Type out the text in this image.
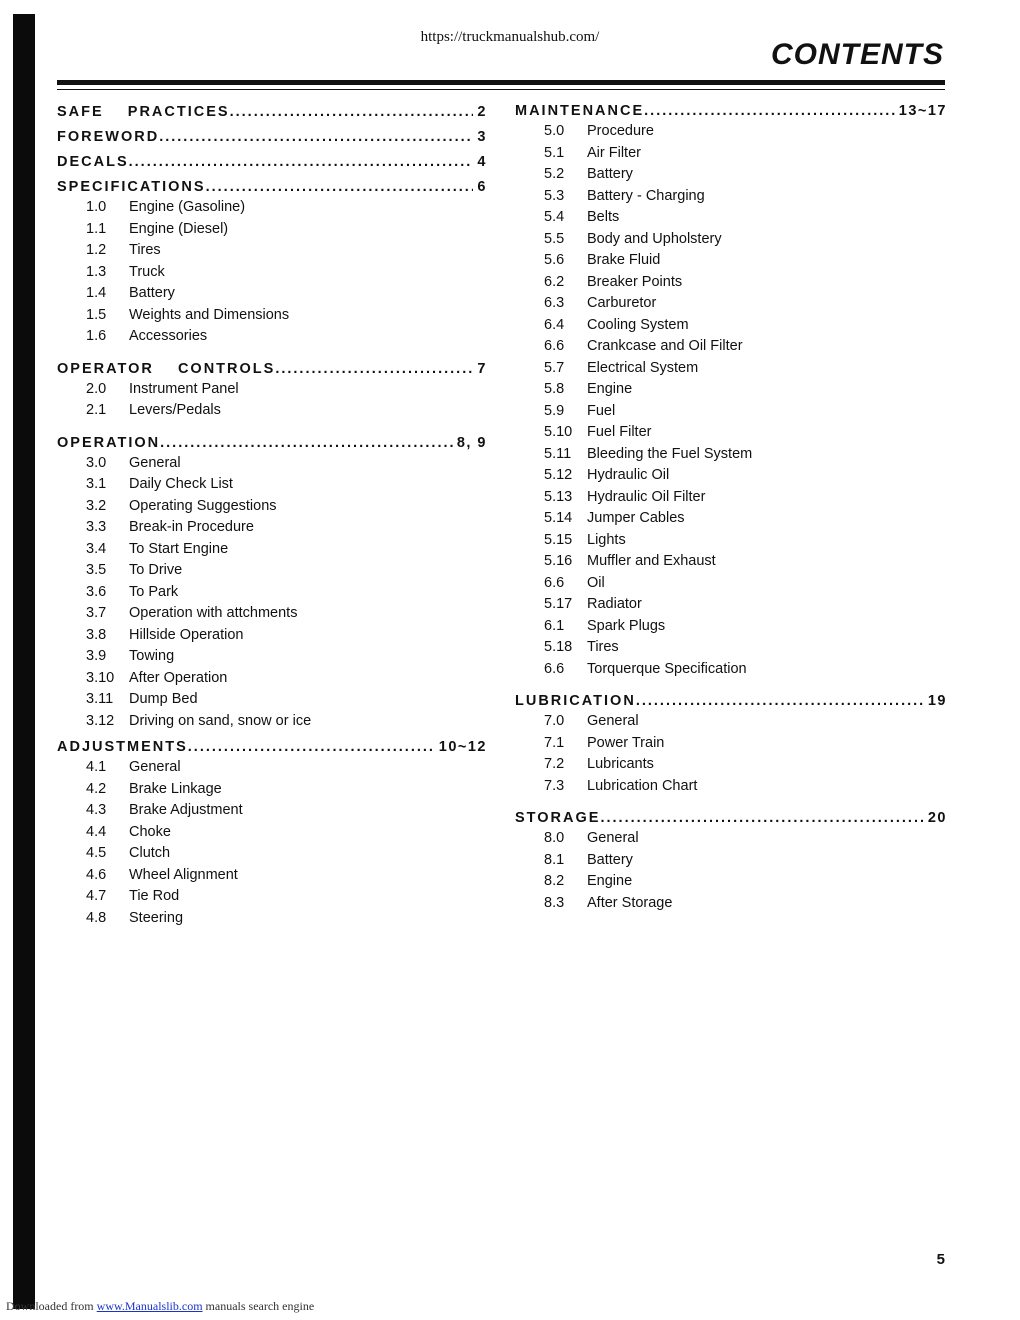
https://truckmanualshub.com/
CONTENTS
SAFE    PRACTICES .....	2
FOREWORD .....	3
DECALS .....	4
SPECIFICATIONS .....	6
1.0	Engine (Gasoline)
1.1	Engine (Diesel)
1.2	Tires
1.3	Truck
1.4	Battery
1.5	Weights and Dimensions
1.6	Accessories
OPERATOR    CONTROLS .....	7
2.0	Instrument Panel
2.1	Levers/Pedals
OPERATION .....	8, 9
3.0	General
3.1	Daily Check List
3.2	Operating Suggestions
3.3	Break-in Procedure
3.4	To Start Engine
3.5	To Drive
3.6	To Park
3.7	Operation with attchments
3.8	Hillside Operation
3.9	Towing
3.10	After Operation
3.11	Dump Bed
3.12	Driving on sand, snow or ice
ADJUSTMENTS .....	10~12
4.1	General
4.2	Brake Linkage
4.3	Brake Adjustment
4.4	Choke
4.5	Clutch
4.6	Wheel Alignment
4.7	Tie Rod
4.8	Steering
MAINTENANCE .....	13~17
5.0	Procedure
5.1	Air Filter
5.2	Battery
5.3	Battery - Charging
5.4	Belts
5.5	Body and Upholstery
5.6	Brake Fluid
6.2	Breaker Points
6.3	Carburetor
6.4	Cooling System
6.6	Crankcase and Oil Filter
5.7	Electrical System
5.8	Engine
5.9	Fuel
5.10	Fuel Filter
5.11	Bleeding the Fuel System
5.12	Hydraulic Oil
5.13	Hydraulic Oil Filter
5.14	Jumper Cables
5.15	Lights
5.16	Muffler and Exhaust
6.6	Oil
5.17	Radiator
6.1	Spark Plugs
5.18	Tires
6.6	Torquerque Specification
LUBRICATION .....	19
7.0	General
7.1	Power Train
7.2	Lubricants
7.3	Lubrication Chart
STORAGE .....	20
8.0	General
8.1	Battery
8.2	Engine
8.3	After Storage
5
Downloaded from www.Manualslib.com manuals search engine
